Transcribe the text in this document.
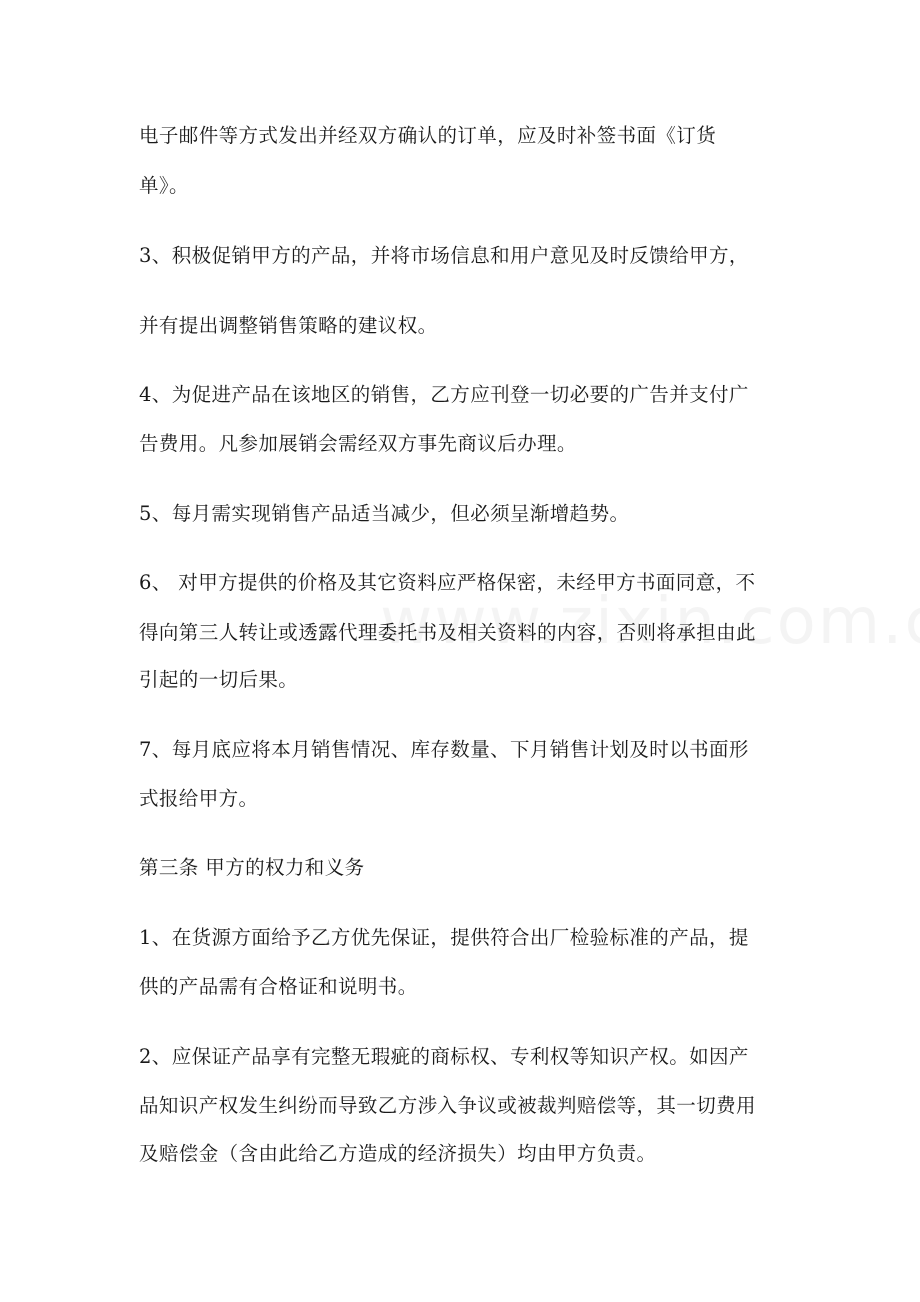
电子邮件等方式发出并经双方确认的订单，应及时补签书面《订货
单》。
3、积极促销甲方的产品，并将市场信息和用户意见及时反馈给甲方，
并有提出调整销售策略的建议权。
4、为促进产品在该地区的销售，乙方应刊登一切必要的广告并支付广
告费用。凡参加展销会需经双方事先商议后办理。
5、每月需实现销售产品适当减少，但必须呈渐增趋势。
6、 对甲方提供的价格及其它资料应严格保密，未经甲方书面同意，不
得向第三人转让或透露代理委托书及相关资料的内容，否则将承担由此
引起的一切后果。
7、每月底应将本月销售情况、库存数量、下月销售计划及时以书面形
式报给甲方。
第三条 甲方的权力和义务
1、在货源方面给予乙方优先保证，提供符合出厂检验标准的产品，提
供的产品需有合格证和说明书。
2、应保证产品享有完整无瑕疵的商标权、专利权等知识产权。如因产
品知识产权发生纠纷而导致乙方涉入争议或被裁判赔偿等，其一切费用
及赔偿金（含由此给乙方造成的经济损失）均由甲方负责。
